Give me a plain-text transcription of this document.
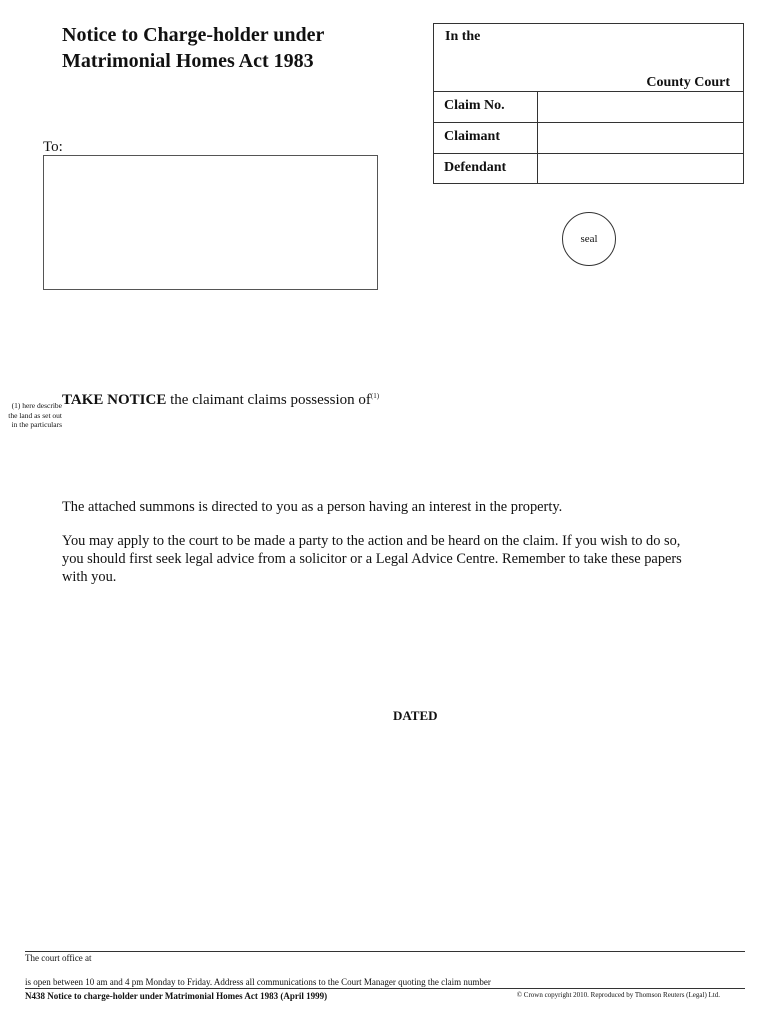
Notice to Charge-holder under
Matrimonial Homes Act 1983
In the
County Court
Claim No.
Claimant
Defendant
To:
seal
(1) here describe the land as set out in the particulars
TAKE NOTICE the claimant claims possession $of^{(1)}$
The attached summons is directed to you as a person having an interest in the property.
You may apply to the court to be made a party to the action and be heard on the claim. If you wish to do so, you should first seek legal advice from a solicitor or a Legal Advice Centre. Remember to take these papers with you.
DATED
The court office at
is open between 10 am and 4 pm Monday to Friday. Address all communications to the Court Manager quoting the claim number
N438 Notice to charge-holder under Matrimonial Homes Act 1983 (April 1999)	© Crown copyright 2010. Reproduced by Thomson Reuters (Legal) Ltd.
